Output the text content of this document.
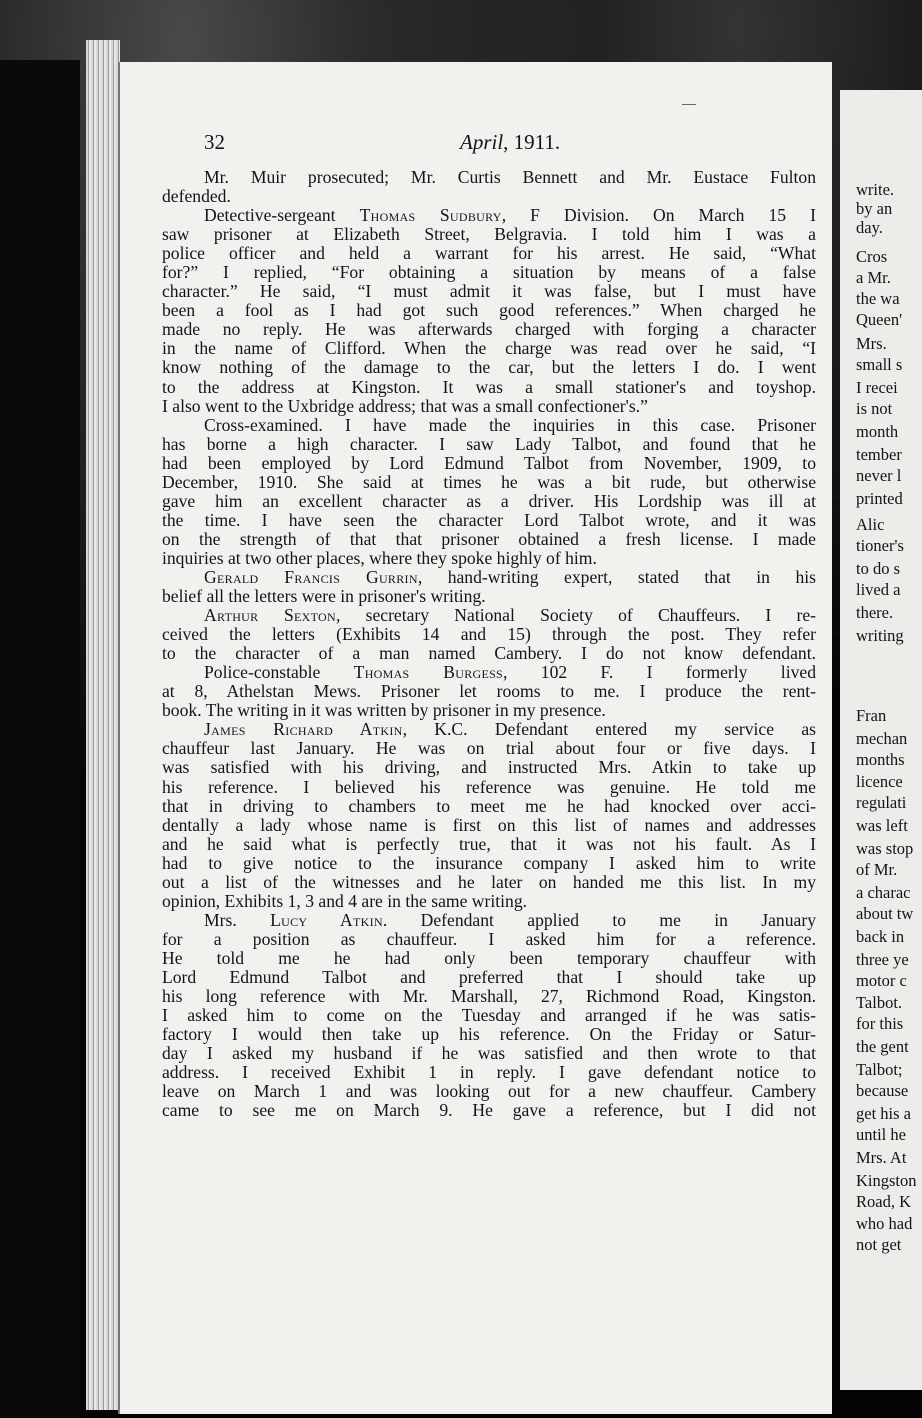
32	April, 1911.
Mr. Muir prosecuted; Mr. Curtis Bennett and Mr. Eustace Fulton
defended.
Detective-sergeant Thomas Sudbury, F Division. On March 15 I
saw prisoner at Elizabeth Street, Belgravia. I told him I was a
police officer and held a warrant for his arrest. He said, “What
for?” I replied, “For obtaining a situation by means of a false
character.” He said, “I must admit it was false, but I must have
been a fool as I had got such good references.” When charged he
made no reply. He was afterwards charged with forging a character
in the name of Clifford. When the charge was read over he said, “I
know nothing of the damage to the car, but the letters I do. I went
to the address at Kingston. It was a small stationer's and toyshop.
I also went to the Uxbridge address; that was a small confectioner's.”
Cross-examined. I have made the inquiries in this case. Prisoner
has borne a high character. I saw Lady Talbot, and found that he
had been employed by Lord Edmund Talbot from November, 1909, to
December, 1910. She said at times he was a bit rude, but otherwise
gave him an excellent character as a driver. His Lordship was ill at
the time. I have seen the character Lord Talbot wrote, and it was
on the strength of that that prisoner obtained a fresh license. I made
inquiries at two other places, where they spoke highly of him.
Gerald Francis Gurrin, hand-writing expert, stated that in his
belief all the letters were in prisoner's writing.
Arthur Sexton, secretary National Society of Chauffeurs. I re-
ceived the letters (Exhibits 14 and 15) through the post. They refer
to the character of a man named Cambery. I do not know defendant.
Police-constable Thomas Burgess, 102 F. I formerly lived
at 8, Athelstan Mews. Prisoner let rooms to me. I produce the rent-
book. The writing in it was written by prisoner in my presence.
James Richard Atkin, K.C. Defendant entered my service as
chauffeur last January. He was on trial about four or five days. I
was satisfied with his driving, and instructed Mrs. Atkin to take up
his reference. I believed his reference was genuine. He told me
that in driving to chambers to meet me he had knocked over acci-
dentally a lady whose name is first on this list of names and addresses
and he said what is perfectly true, that it was not his fault. As I
had to give notice to the insurance company I asked him to write
out a list of the witnesses and he later on handed me this list. In my
opinion, Exhibits 1, 3 and 4 are in the same writing.
Mrs. Lucy Atkin. Defendant applied to me in January
for a position as chauffeur. I asked him for a reference.
He told me he had only been temporary chauffeur with
Lord Edmund Talbot and preferred that I should take up
his long reference with Mr. Marshall, 27, Richmond Road, Kingston.
I asked him to come on the Tuesday and arranged if he was satis-
factory I would then take up his reference. On the Friday or Satur-
day I asked my husband if he was satisfied and then wrote to that
address. I received Exhibit 1 in reply. I gave defendant notice to
leave on March 1 and was looking out for a new chauffeur. Cambery
came to see me on March 9. He gave a reference, but I did not
write.
by an
day.
Cros
a Mr.
the wa
Queen'
Mrs.
small s
I recei
is not
month
tember
never l
printed
Alic
tioner's
to do s
lived a
there.
writing
Fran
mechan
months
licence
regulati
was left
was stop
of Mr.
a charac
about tw
back in
three ye
motor c
Talbot.
for this
the gent
Talbot;
because
get his a
until he
Mrs. At
Kingston
Road, K
who had
not get
